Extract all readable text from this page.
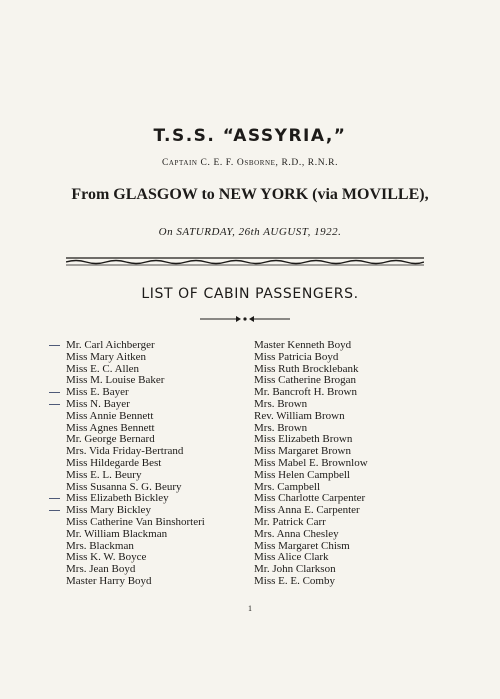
T.S.S. “ASSYRIA,”
Captain C. E. F. Osborne, R.D., R.N.R.
From GLASGOW to NEW YORK (via MOVILLE),
On SATURDAY, 26th AUGUST, 1922.
LIST OF CABIN PASSENGERS.
Mr. Carl Aichberger
Miss Mary Aitken
Miss E. C. Allen
Miss M. Louise Baker
Miss E. Bayer
Miss N. Bayer
Miss Annie Bennett
Miss Agnes Bennett
Mr. George Bernard
Mrs. Vida Friday-Bertrand
Miss Hildegarde Best
Miss E. L. Beury
Miss Susanna S. G. Beury
Miss Elizabeth Bickley
Miss Mary Bickley
Miss Catherine Van Binshorteri
Mr. William Blackman
Mrs. Blackman
Miss K. W. Boyce
Mrs. Jean Boyd
Master Harry Boyd
Master Kenneth Boyd
Miss Patricia Boyd
Miss Ruth Brocklebank
Miss Catherine Brogan
Mr. Bancroft H. Brown
Mrs. Brown
Rev. William Brown
Mrs. Brown
Miss Elizabeth Brown
Miss Margaret Brown
Miss Mabel E. Brownlow
Miss Helen Campbell
Mrs. Campbell
Miss Charlotte Carpenter
Miss Anna E. Carpenter
Mr. Patrick Carr
Mrs. Anna Chesley
Miss Margaret Chism
Miss Alice Clark
Mr. John Clarkson
Miss E. E. Comby
1
